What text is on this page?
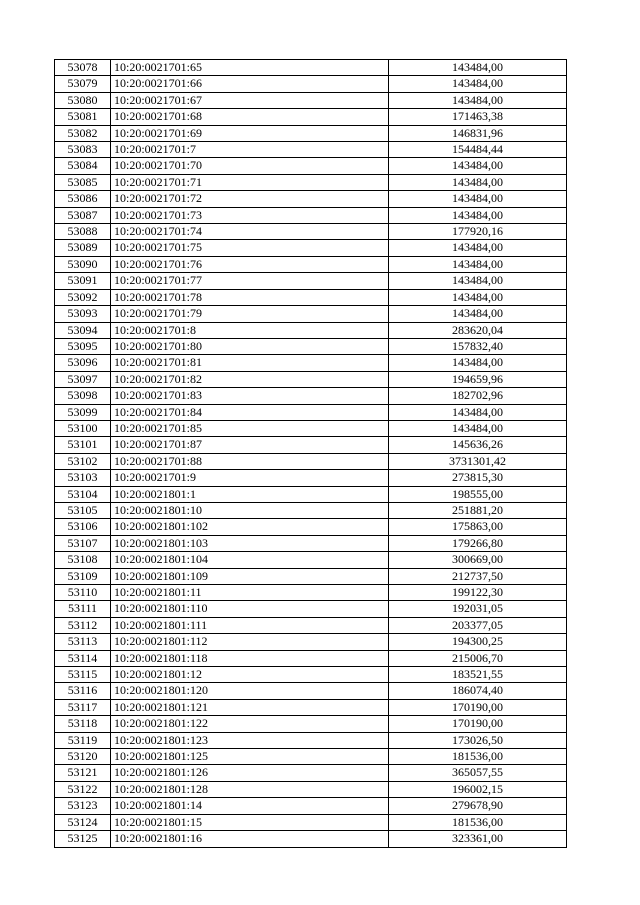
53078	10:20:0021701:65	143484,00
53079	10:20:0021701:66	143484,00
53080	10:20:0021701:67	143484,00
53081	10:20:0021701:68	171463,38
53082	10:20:0021701:69	146831,96
53083	10:20:0021701:7	154484,44
53084	10:20:0021701:70	143484,00
53085	10:20:0021701:71	143484,00
53086	10:20:0021701:72	143484,00
53087	10:20:0021701:73	143484,00
53088	10:20:0021701:74	177920,16
53089	10:20:0021701:75	143484,00
53090	10:20:0021701:76	143484,00
53091	10:20:0021701:77	143484,00
53092	10:20:0021701:78	143484,00
53093	10:20:0021701:79	143484,00
53094	10:20:0021701:8	283620,04
53095	10:20:0021701:80	157832,40
53096	10:20:0021701:81	143484,00
53097	10:20:0021701:82	194659,96
53098	10:20:0021701:83	182702,96
53099	10:20:0021701:84	143484,00
53100	10:20:0021701:85	143484,00
53101	10:20:0021701:87	145636,26
53102	10:20:0021701:88	3731301,42
53103	10:20:0021701:9	273815,30
53104	10:20:0021801:1	198555,00
53105	10:20:0021801:10	251881,20
53106	10:20:0021801:102	175863,00
53107	10:20:0021801:103	179266,80
53108	10:20:0021801:104	300669,00
53109	10:20:0021801:109	212737,50
53110	10:20:0021801:11	199122,30
53111	10:20:0021801:110	192031,05
53112	10:20:0021801:111	203377,05
53113	10:20:0021801:112	194300,25
53114	10:20:0021801:118	215006,70
53115	10:20:0021801:12	183521,55
53116	10:20:0021801:120	186074,40
53117	10:20:0021801:121	170190,00
53118	10:20:0021801:122	170190,00
53119	10:20:0021801:123	173026,50
53120	10:20:0021801:125	181536,00
53121	10:20:0021801:126	365057,55
53122	10:20:0021801:128	196002,15
53123	10:20:0021801:14	279678,90
53124	10:20:0021801:15	181536,00
53125	10:20:0021801:16	323361,00
